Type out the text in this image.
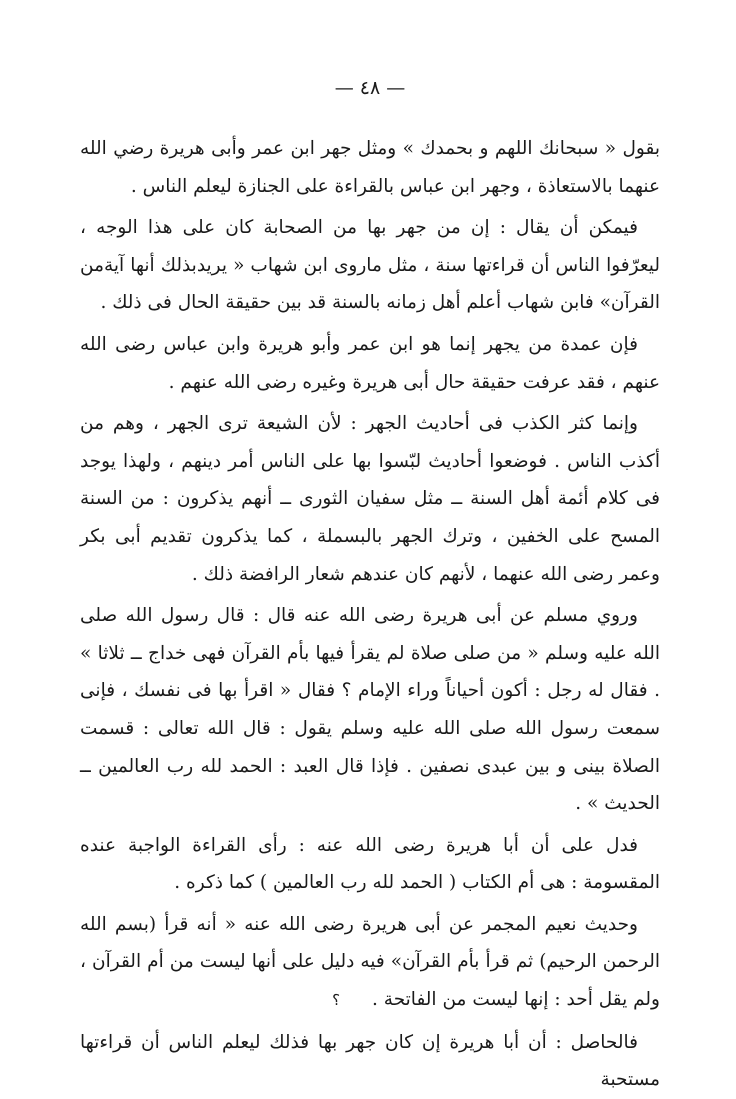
— ٤٨ —

بقول « سبحانك اللهم و بحمدك » ومثل جهر ابن عمر وأبى هريرة رضي الله عنهما بالاستعاذة ، وجهر ابن عباس بالقراءة على الجنازة ليعلم الناس .

فيمكن أن يقال : إن من جهر بها من الصحابة كان على هذا الوجه ، ليعرّفوا الناس أن قراءتها سنة ، مثل ماروى ابن شهاب « يريدبذلك أنها آيةمن القرآن» فابن شهاب أعلم أهل زمانه بالسنة قد بين حقيقة الحال فى ذلك .

فإن عمدة من يجهر إنما هو ابن عمر وأبو هريرة وابن عباس رضى الله عنهم ، فقد عرفت حقيقة حال أبى هريرة وغيره رضى الله عنهم .

وإنما كثر الكذب فى أحاديث الجهر : لأن الشيعة ترى الجهر ، وهم من أكذب الناس . فوضعوا أحاديث لبّسوا بها على الناس أمر دينهم ، ولهذا يوجد فى كلام أئمة أهل السنة ــ مثل سفيان الثورى ــ أنهم يذكرون : من السنة المسح على الخفين ، وترك الجهر بالبسملة ، كما يذكرون تقديم أبى بكر وعمر رضى الله عنهما ، لأنهم كان عندهم شعار الرافضة ذلك .

وروي مسلم عن أبى هريرة رضى الله عنه قال : قال رسول الله صلى الله عليه وسلم « من صلى صلاة لم يقرأ فيها بأم القرآن فهى خداج ــ ثلاثا » . فقال له رجل : أكون أحياناً وراء الإمام ؟ فقال « اقرأ بها فى نفسك ، فإنى سمعت رسول الله صلى الله عليه وسلم يقول : قال الله تعالى : قسمت الصلاة بينى و بين عبدى نصفين . فإذا قال العبد : الحمد لله رب العالمين ــ الحديث » .

فدل على أن أبا هريرة رضى الله عنه : رأى القراءة الواجبة عنده المقسومة : هى أم الكتاب ( الحمد لله رب العالمين ) كما ذكره .

وحديث نعيم المجمر عن أبى هريرة رضى الله عنه « أنه قرأ (بسم الله الرحمن الرحيم) ثم قرأ بأم القرآن» فيه دليل على أنها ليست من أم القرآن ، ولم يقل أحد : إنها ليست من الفاتحة .؟

فالحاصل : أن أبا هريرة إن كان جهر بها فذلك ليعلم الناس أن قراءتها مستحبة
